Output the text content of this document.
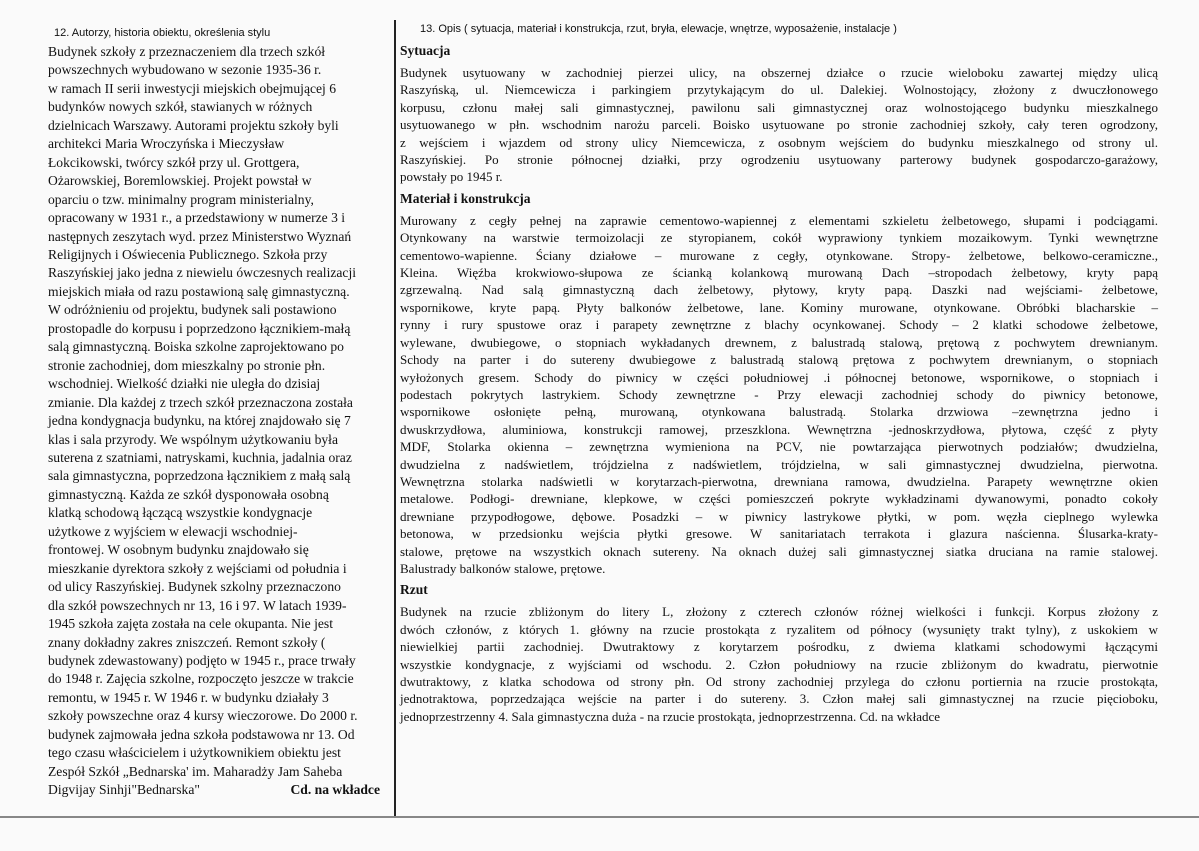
12. Autorzy, historia obiektu, określenia stylu

Budynek szkoły z przeznaczeniem dla trzech szkół

powszechnych wybudowano w sezonie 1935-36 r.

w ramach II serii inwestycji miejskich obejmującej 6

budynków nowych szkół, stawianych w różnych

dzielnicach Warszawy. Autorami projektu szkoły byli

architekci Maria Wroczyńska i Mieczysław

Łokcikowski, twórcy szkół przy ul. Grottgera,

Ożarowskiej, Boremlowskiej. Projekt powstał w

oparciu o tzw. minimalny program ministerialny,

opracowany w 1931 r., a przedstawiony w numerze 3 i

następnych zeszytach wyd. przez Ministerstwo Wyznań

Religijnych i Oświecenia Publicznego. Szkoła przy

Raszyńskiej jako jedna z niewielu ówczesnych realizacji

miejskich miała od razu postawioną salę gimnastyczną.

W odróżnieniu od projektu, budynek sali postawiono

prostopadle do korpusu i poprzedzono łącznikiem-małą

salą gimnastyczną. Boiska szkolne zaprojektowano po

stronie zachodniej, dom mieszkalny po stronie płn.

wschodniej. Wielkość działki nie uległa do dzisiaj

zmianie. Dla każdej z trzech szkół przeznaczona została

jedna kondygnacja budynku, na której znajdowało się 7

klas i sala przyrody. We wspólnym użytkowaniu była

suterena z szatniami, natryskami, kuchnia, jadalnia oraz

sala gimnastyczna, poprzedzona łącznikiem z małą salą

gimnastyczną. Każda ze szkół dysponowała osobną

klatką schodową łączącą wszystkie kondygnacje

użytkowe z wyjściem w elewacji wschodniej-

frontowej. W osobnym budynku znajdowało się

mieszkanie dyrektora szkoły z wejściami od południa i

od ulicy Raszyńskiej. Budynek szkolny przeznaczono

dla szkół powszechnych nr 13, 16 i 97. W latach 1939-

1945 szkoła zajęta została na cele okupanta. Nie jest

znany dokładny zakres zniszczeń. Remont szkoły (

budynek zdewastowany) podjęto w 1945 r., prace trwały

do 1948 r. Zajęcia szkolne, rozpoczęto jeszcze w trakcie

remontu, w 1945 r. W 1946 r. w budynku działały 3

szkoły powszechne oraz 4 kursy wieczorowe. Do 2000 r.

budynek zajmowała jedna szkoła podstawowa nr 13. Od

tego czasu właścicielem i użytkownikiem obiektu jest

Zespół Szkół „Bednarska' im. Maharadży Jam Saheba

Digvijay Sinhji"Bednarska"	Cd. na wkładce

13. Opis ( sytuacja, materiał i konstrukcja, rzut, bryła, elewacje, wnętrze, wyposażenie, instalacje )
Sytuacja

Budynek usytuowany w zachodniej pierzei ulicy, na obszernej działce o rzucie wieloboku zawartej między ulicą

Raszyńską, ul. Niemcewicza i parkingiem przytykającym do ul. Dalekiej. Wolnostojący, złożony z dwuczłonowego

korpusu, członu małej sali gimnastycznej, pawilonu sali gimnastycznej oraz wolnostojącego budynku mieszkalnego

usytuowanego w płn. wschodnim narożu parceli. Boisko usytuowane po stronie zachodniej szkoły, cały teren ogrodzony,

z wejściem i wjazdem od strony ulicy Niemcewicza, z osobnym wejściem do budynku mieszkalnego od strony ul.

Raszyńskiej. Po stronie północnej działki, przy ogrodzeniu usytuowany parterowy budynek gospodarczo-garażowy,

powstały po 1945 r.

Materiał i konstrukcja

Murowany z cegły pełnej na zaprawie cementowo-wapiennej z elementami szkieletu żelbetowego, słupami i podciągami.

Otynkowany na warstwie termoizolacji ze styropianem, cokół wyprawiony tynkiem mozaikowym. Tynki wewnętrzne

cementowo-wapienne. Ściany działowe – murowane z cegły, otynkowane. Stropy- żelbetowe, belkowo-ceramiczne.,

Kleina. Więźba krokwiowo-słupowa ze ścianką kolankową murowaną Dach –stropodach żelbetowy, kryty papą

zgrzewalną. Nad salą gimnastyczną dach żelbetowy, płytowy, kryty papą. Daszki nad wejściami- żelbetowe,

wspornikowe, kryte papą. Płyty balkonów żelbetowe, lane. Kominy murowane, otynkowane. Obróbki blacharskie –

rynny i rury spustowe oraz i parapety zewnętrzne z blachy ocynkowanej. Schody – 2 klatki schodowe żelbetowe,

wylewane, dwubiegowe, o stopniach wykładanych drewnem, z balustradą stalową, prętową z pochwytem drewnianym.

Schody na parter i do sutereny dwubiegowe z balustradą stalową prętowa z pochwytem drewnianym, o stopniach

wyłożonych gresem. Schody do piwnicy w części południowej .i północnej betonowe, wspornikowe, o stopniach i

podestach pokrytych lastrykiem. Schody zewnętrzne - Przy elewacji zachodniej schody do piwnicy betonowe,

wspornikowe osłonięte pełną, murowaną, otynkowana balustradą. Stolarka drzwiowa –zewnętrzna jedno i

dwuskrzydłowa, aluminiowa, konstrukcji ramowej, przeszklona. Wewnętrzna -jednoskrzydłowa, płytowa, część z płyty

MDF, Stolarka okienna – zewnętrzna wymieniona na PCV, nie powtarzająca pierwotnych podziałów; dwudzielna,

dwudzielna z nadświetlem, trójdzielna z nadświetlem, trójdzielna, w sali gimnastycznej dwudzielna, pierwotna.

Wewnętrzna stolarka nadświetli w korytarzach-pierwotna, drewniana ramowa, dwudzielna. Parapety wewnętrzne okien

metalowe. Podłogi- drewniane, klepkowe, w części pomieszczeń pokryte wykładzinami dywanowymi, ponadto cokoły

drewniane przypodłogowe, dębowe. Posadzki – w piwnicy lastrykowe płytki, w pom. węzła cieplnego wylewka

betonowa, w przedsionku wejścia płytki gresowe. W sanitariatach terrakota i glazura naścienna. Ślusarka-kraty-

stalowe, prętowe na wszystkich oknach sutereny. Na oknach dużej sali gimnastycznej siatka druciana na ramie stalowej.

Balustrady balkonów stalowe, prętowe.

Rzut

Budynek na rzucie zbliżonym do litery L, złożony z czterech członów różnej wielkości i funkcji. Korpus złożony z

dwóch członów, z których 1. główny na rzucie prostokąta z ryzalitem od północy (wysunięty trakt tylny), z uskokiem w

niewielkiej partii zachodniej. Dwutraktowy z korytarzem pośrodku, z dwiema klatkami schodowymi łączącymi

wszystkie kondygnacje, z wyjściami od wschodu. 2. Człon południowy na rzucie zbliżonym do kwadratu, pierwotnie

dwutraktowy, z klatka schodowa od strony płn. Od strony zachodniej przylega do członu portiernia na rzucie prostokąta,

jednotraktowa, poprzedzająca wejście na parter i do sutereny. 3. Człon małej sali gimnastycznej na rzucie pięcioboku,

jednoprzestrzenny 4. Sala gimnastyczna duża - na rzucie prostokąta, jednoprzestrzenna. Cd. na wkładce
